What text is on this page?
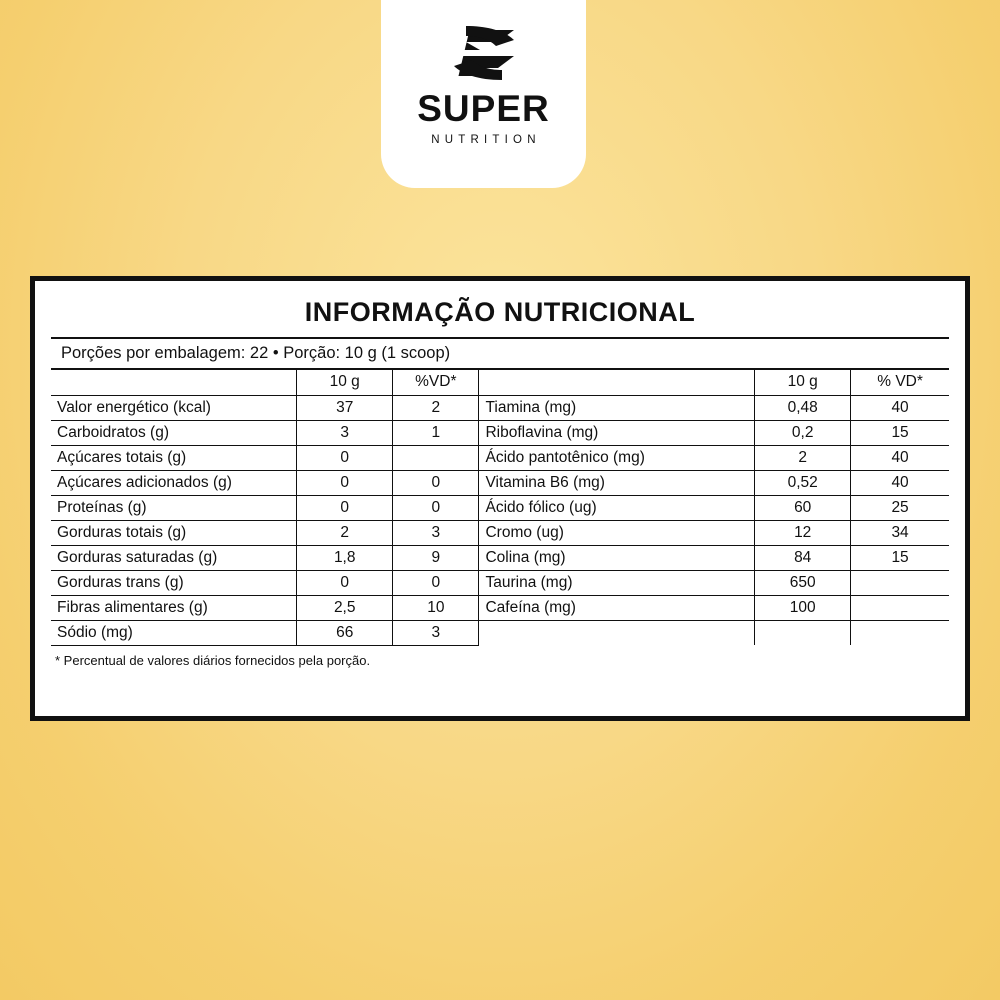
SUPER
NUTRITION
INFORMAÇÃO NUTRICIONAL
Porções por embalagem: 22 • Porção: 10 g (1 scoop)
	10 g	%VD*		10 g	% VD*
Valor energético (kcal)	37	2	Tiamina (mg)	0,48	40
Carboidratos (g)	3	1	Riboflavina (mg)	0,2	15
Açúcares totais (g)	0		Ácido pantotênico (mg)	2	40
Açúcares adicionados (g)	0	0	Vitamina B6 (mg)	0,52	40
Proteínas (g)	0	0	Ácido fólico (ug)	60	25
Gorduras totais (g)	2	3	Cromo (ug)	12	34
Gorduras saturadas (g)	1,8	9	Colina (mg)	84	15
Gorduras trans (g)	0	0	Taurina (mg)	650	
Fibras alimentares (g)	2,5	10	Cafeína (mg)	100	
Sódio (mg)	66	3			
* Percentual de valores diários fornecidos pela porção.
